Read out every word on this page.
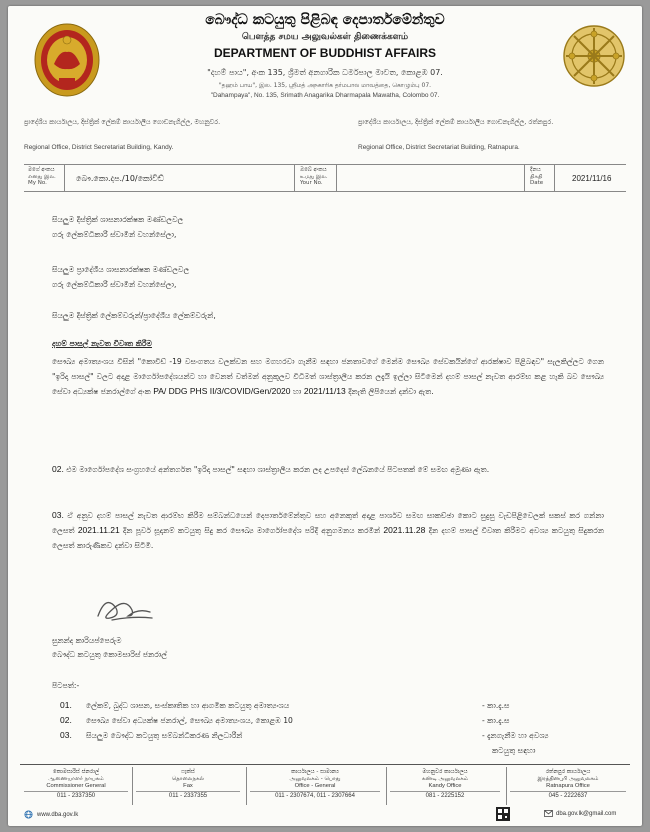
බෞද්ධ කටයුතු පිළිබඳ දෙපාර්තමේන්තුව
பௌத்த சமய அலுவல்கள் திணைக்களம்
DEPARTMENT OF BUDDHIST AFFAIRS
"දහම් පාය", අංක 135, ශ්‍රීමත් අනගාරික ධර්මපාල මාවත, කොළඹ 07.
"தஹம் பாய", இல. 135, ஸ்ரீமத் அநகாரிக தர்மபால மாவத்தை, கொழும்பு 07.
"Dahampaya", No. 135, Srimath Anagarika Dharmapala Mawatha, Colombo 07.
ප්‍රාදේශීය කාර්යාලය, දිස්ත්‍රික් ලේකම් කාර්යාලීය ගොඩනැගිල්ල, මහනුවර.
Regional Office, District Secretariat Building, Kandy.
ප්‍රාදේශීය කාර්යාලය, දිස්ත්‍රික් ලේකම් කාර්යාලීය ගොඩනැගිල්ල, රත්නපුර.
Regional Office, District Secretariat Building, Ratnapura.
මගේ අංකය
எனது இல.
My No.	බෞ.කො.දප./10/කෝවිඩ්
ඔබේ අංකය
உமது இல.
Your No.
දිනය
திகதி
Date	2021/11/16
සියලුම දිස්ත්‍රික් ශාසනාරක්ෂක මණ්ඩලවල
ගරු ලේකම්ධිකාරී ස්වාමීන් වහන්සේලා,
සියලුම ප්‍රාදේශීය ශාසනාරක්ෂක මණ්ඩලවල
ගරු ලේකම්ධිකාරී ස්වාමීන් වහන්සේලා,
සියලුම දිස්ත්‍රික් ලේකම්වරුන්/ප්‍රාදේශීය ලේකම්වරුන්,
දහම් පාසල් නැවත විවෘත කිරීම
සෞඛ්‍ය අමාත්‍යංශය විසින් "කොවිඩ් -19 වසංගතය වලක්වන සහ මගහරවා ගැනීම සඳහා ජනතාවගේ මෙන්ම සෞඛ්‍ය සේවකයින්ගේ ආරක්ෂාව පිළිබඳව" සැලකිල්ලට ගෙන "ඉරිදා පාසල්" වලට අදාළ මාර්ගෝපදේශයන්ට හා වෙනත් වත්මන් අනුකූලව විධිමත් ශාස්ත්‍රාලීය කරන ලදැයි ඉල්ලා සිටීමෙන් දහම් පාසල් නැවත ආරම්භ කළ හැකි බව සෞඛ්‍ය සේවා අධ්‍යක්ෂ ජනරාල්ගේ අංක PA/ DDG PHS II/3/COVID/Gen/2020 හා 2021/11/13 දිනැති ලිපියෙන් දන්වා ඇත.
02. එම මාර්ගෝපදේශ සංග්‍රහයේ අන්තර්ගත "ඉරිදා පාසල්" සඳහා ශාස්ත්‍රාලීය කරන ලද උපදෙස් ලේඛනයේ පිටපතක් මේ සමඟ අමුණා ඇත.
03. ඒ අනුව දහම් පාසල් නැවත ආරම්භ කිරීම සම්බන්ධයෙන් දෙපාර්තමේන්තුව සහ අනෙකුත් අදාළ පාර්ශව සමඟ සාකච්ඡා කොට සුදුසු වැඩපිළිවෙලක් සකස් කර ගන්නා ලෙසත් 2021.11.21 දින පූර්ව සූදානම් කටයුතු සිදු කර සෞඛ්‍ය මාර්ගෝපදේශ පරිදි අනුගමනය කරමින් 2021.11.28 දින දහම් පාසල් විවෘත කිරීමට අවශ්‍ය කටයුතු සිදුකරන ලෙසත් කාරුණිකව දන්වා සිටිමි.
සුනන්ද කාරියප්පෙරුම
බෞද්ධ කටයුතු කොමසාරිස් ජනරාල්
පිටපත්:-
01. ලේකම්, බුද්ධ ශාසන, සංස්කෘතික හා ආගමික කටයුතු අමාත්‍යංශය	- කා.දැ.ස
02. සෞඛ්‍ය සේවා අධ්‍යක්ෂ ජනරාල්, සෞඛ්‍ය අමාත්‍යංශය, කොළඹ 10	- කා.දැ.ස
03. සියලුම බෞද්ධ කටයුතු සම්බන්ධීකරණ නිලධාරීන්	- දැනගැනීම හා අවශ්‍ය
කටයුතු සඳහා
කොමසාරිස් ජනරාල්
ஆணையாளர் நாயகம்
Commissioner General
011 - 2337350
ෆැක්ස්
தொலைநகல்
Fax
011 - 2337355
කාර්යාලය - සාමාන්‍ය
அலுவலகம் - பொது
Office - General
011 - 2307674, 011 - 2307664
මහනුවර කාර්යාලය
கண்டி அலுவலகம்
Kandy Office
081 - 2225152
රත්නපුර කාර්යාලය
இரத்தினபுரி அலுவலகம்
Ratnapura Office
045 - 2222637
www.dba.gov.lk	dba.gov.lk@gmail.com
